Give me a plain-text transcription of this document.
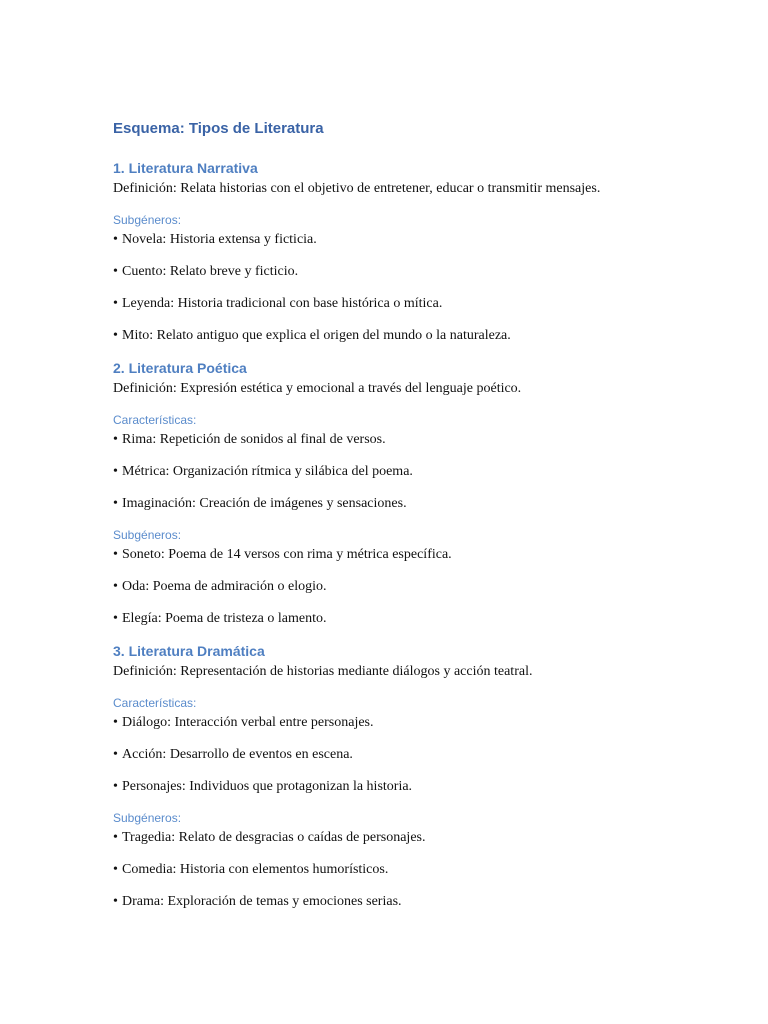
Esquema: Tipos de Literatura
1. Literatura Narrativa

Definición: Relata historias con el objetivo de entretener, educar o transmitir mensajes.

Subgéneros:

• Novela: Historia extensa y ficticia.
• Cuento: Relato breve y ficticio.
• Leyenda: Historia tradicional con base histórica o mítica.
• Mito: Relato antiguo que explica el origen del mundo o la naturaleza.
2. Literatura Poética

Definición: Expresión estética y emocional a través del lenguaje poético.

Características:

• Rima: Repetición de sonidos al final de versos.
• Métrica: Organización rítmica y silábica del poema.
• Imaginación: Creación de imágenes y sensaciones.

Subgéneros:

• Soneto: Poema de 14 versos con rima y métrica específica.
• Oda: Poema de admiración o elogio.
• Elegía: Poema de tristeza o lamento.
3. Literatura Dramática

Definición: Representación de historias mediante diálogos y acción teatral.

Características:

• Diálogo: Interacción verbal entre personajes.
• Acción: Desarrollo de eventos en escena.
• Personajes: Individuos que protagonizan la historia.

Subgéneros:

• Tragedia: Relato de desgracias o caídas de personajes.
• Comedia: Historia con elementos humorísticos.
• Drama: Exploración de temas y emociones serias.
